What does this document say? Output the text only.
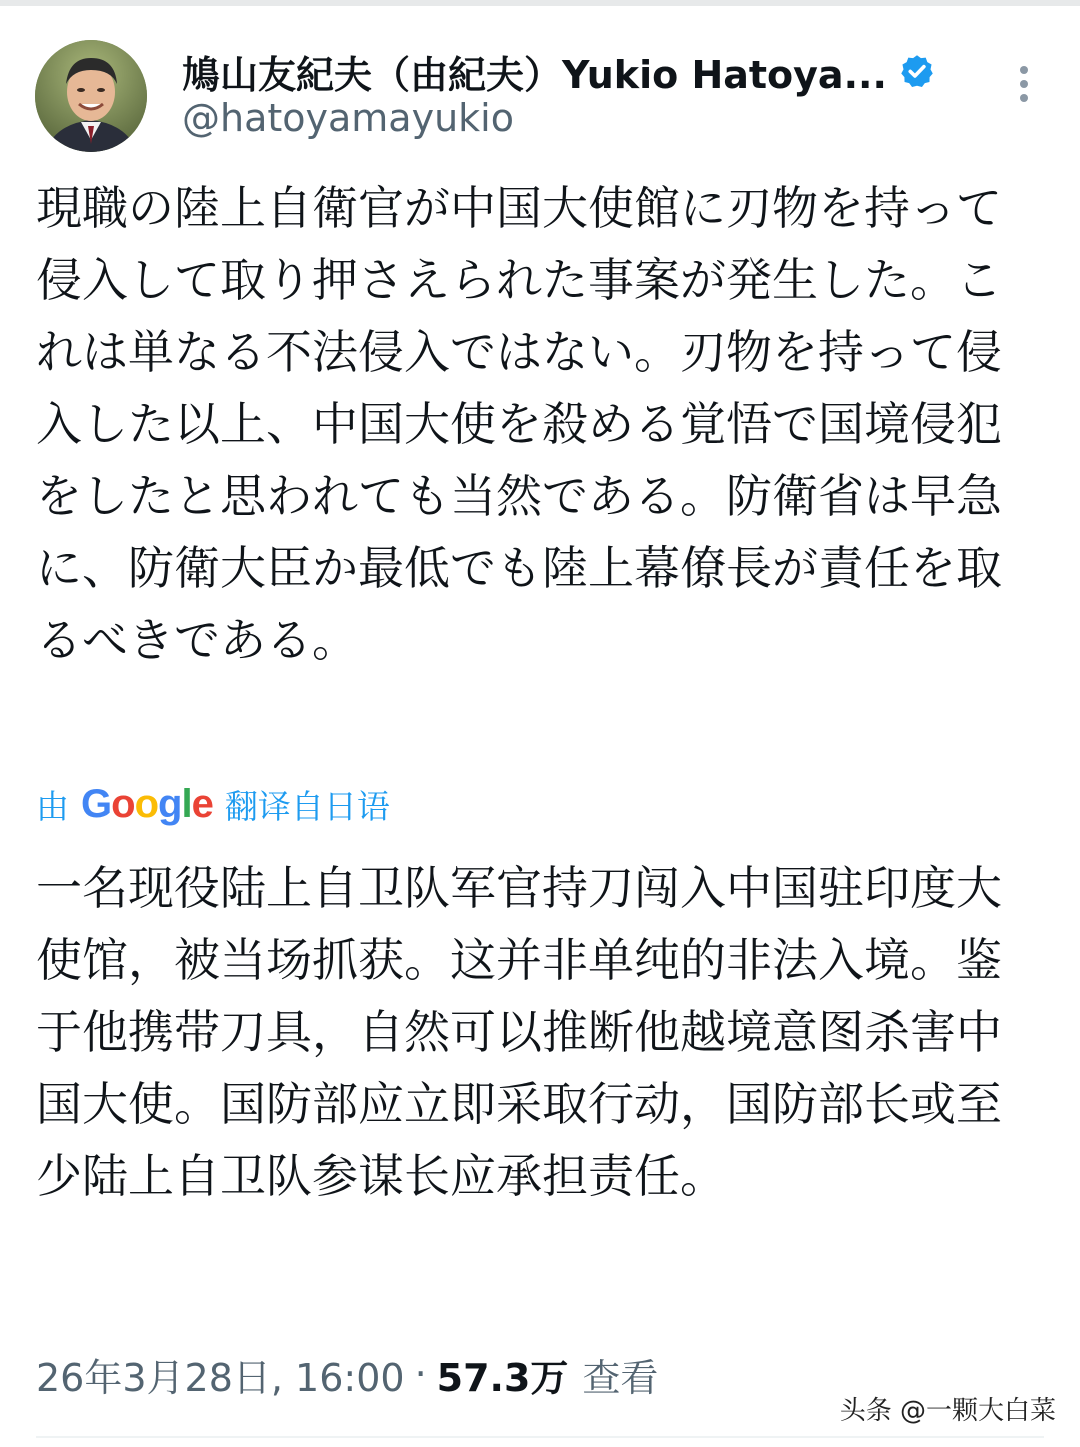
鳩山友紀夫（由紀夫）Yukio Hatoya...
@hatoyamayukio
現職の陸上自衛官が中国大使館に刃物を持って侵入して取り押さえられた事案が発生した。これは単なる不法侵入ではない。刃物を持って侵入した以上、中国大使を殺める覚悟で国境侵犯をしたと思われても当然である。防衛省は早急に、防衛大臣か最低でも陸上幕僚長が責任を取るべきである。
由 Google 翻译自日语
一名现役陆上自卫队军官持刀闯入中国驻印度大使馆，被当场抓获。这并非单纯的非法入境。鉴于他携带刀具，自然可以推断他越境意图杀害中国大使。国防部应立即采取行动，国防部长或至少陆上自卫队参谋长应承担责任。
26年3月28日, 16:00 · 57.3万 查看
头条 @一颗大白菜
